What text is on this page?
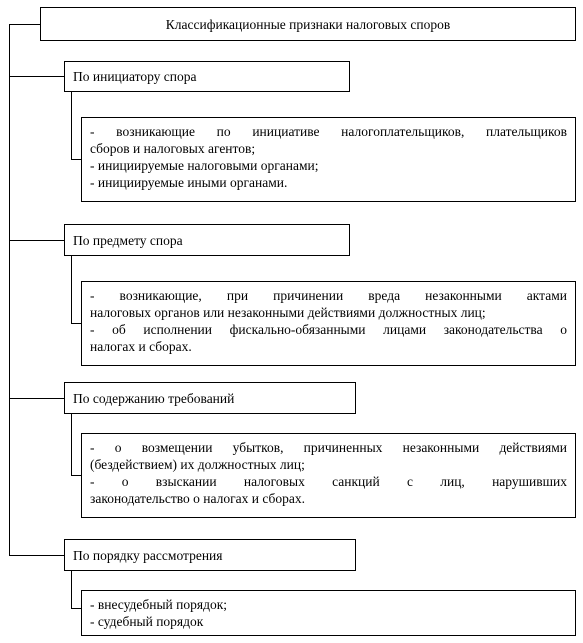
Классификационные признаки налоговых споров
По инициатору спора
- возникающие по инициативе налогоплательщиков, плательщиков
сборов и налоговых агентов;
- инициируемые налоговыми органами;
- инициируемые иными органами.
По предмету спора
- возникающие, при причинении вреда незаконными актами
налоговых органов или незаконными действиями должностных лиц;
- об исполнении фискально-обязанными лицами законодательства о
налогах и сборах.
По содержанию требований
- о возмещении убытков, причиненных незаконными действиями
(бездействием) их должностных лиц;
- о взыскании налоговых санкций с лиц, нарушивших
законодательство о налогах и сборах.
По порядку рассмотрения
- внесудебный порядок;
- судебный порядок
